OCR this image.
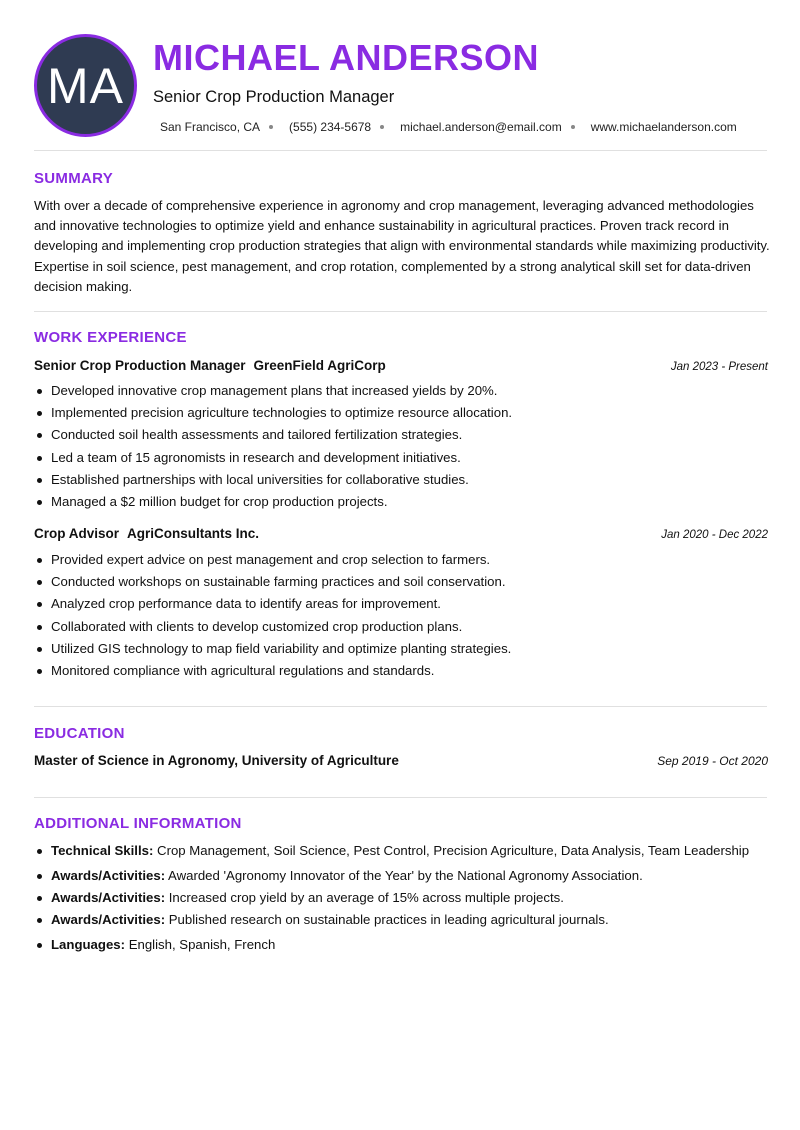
MA MICHAEL ANDERSON
Senior Crop Production Manager
San Francisco, CA (555) 234-5678 michael.anderson@email.com www.michaelanderson.com
SUMMARY
With over a decade of comprehensive experience in agronomy and crop management, leveraging advanced methodologies and innovative technologies to optimize yield and enhance sustainability in agricultural practices. Proven track record in developing and implementing crop production strategies that align with environmental standards while maximizing productivity. Expertise in soil science, pest management, and crop rotation, complemented by a strong analytical skill set for data-driven decision making.
WORK EXPERIENCE
Senior Crop Production Manager GreenField AgriCorp	Jan 2023 - Present
Developed innovative crop management plans that increased yields by 20%.
Implemented precision agriculture technologies to optimize resource allocation.
Conducted soil health assessments and tailored fertilization strategies.
Led a team of 15 agronomists in research and development initiatives.
Established partnerships with local universities for collaborative studies.
Managed a $2 million budget for crop production projects.
Crop Advisor AgriConsultants Inc.	Jan 2020 - Dec 2022
Provided expert advice on pest management and crop selection to farmers.
Conducted workshops on sustainable farming practices and soil conservation.
Analyzed crop performance data to identify areas for improvement.
Collaborated with clients to develop customized crop production plans.
Utilized GIS technology to map field variability and optimize planting strategies.
Monitored compliance with agricultural regulations and standards.
EDUCATION
Master of Science in Agronomy, University of Agriculture	Sep 2019 - Oct 2020
ADDITIONAL INFORMATION
Technical Skills: Crop Management, Soil Science, Pest Control, Precision Agriculture, Data Analysis, Team Leadership
Awards/Activities: Awarded 'Agronomy Innovator of the Year' by the National Agronomy Association.
Awards/Activities: Increased crop yield by an average of 15% across multiple projects.
Awards/Activities: Published research on sustainable practices in leading agricultural journals.
Languages: English, Spanish, French
